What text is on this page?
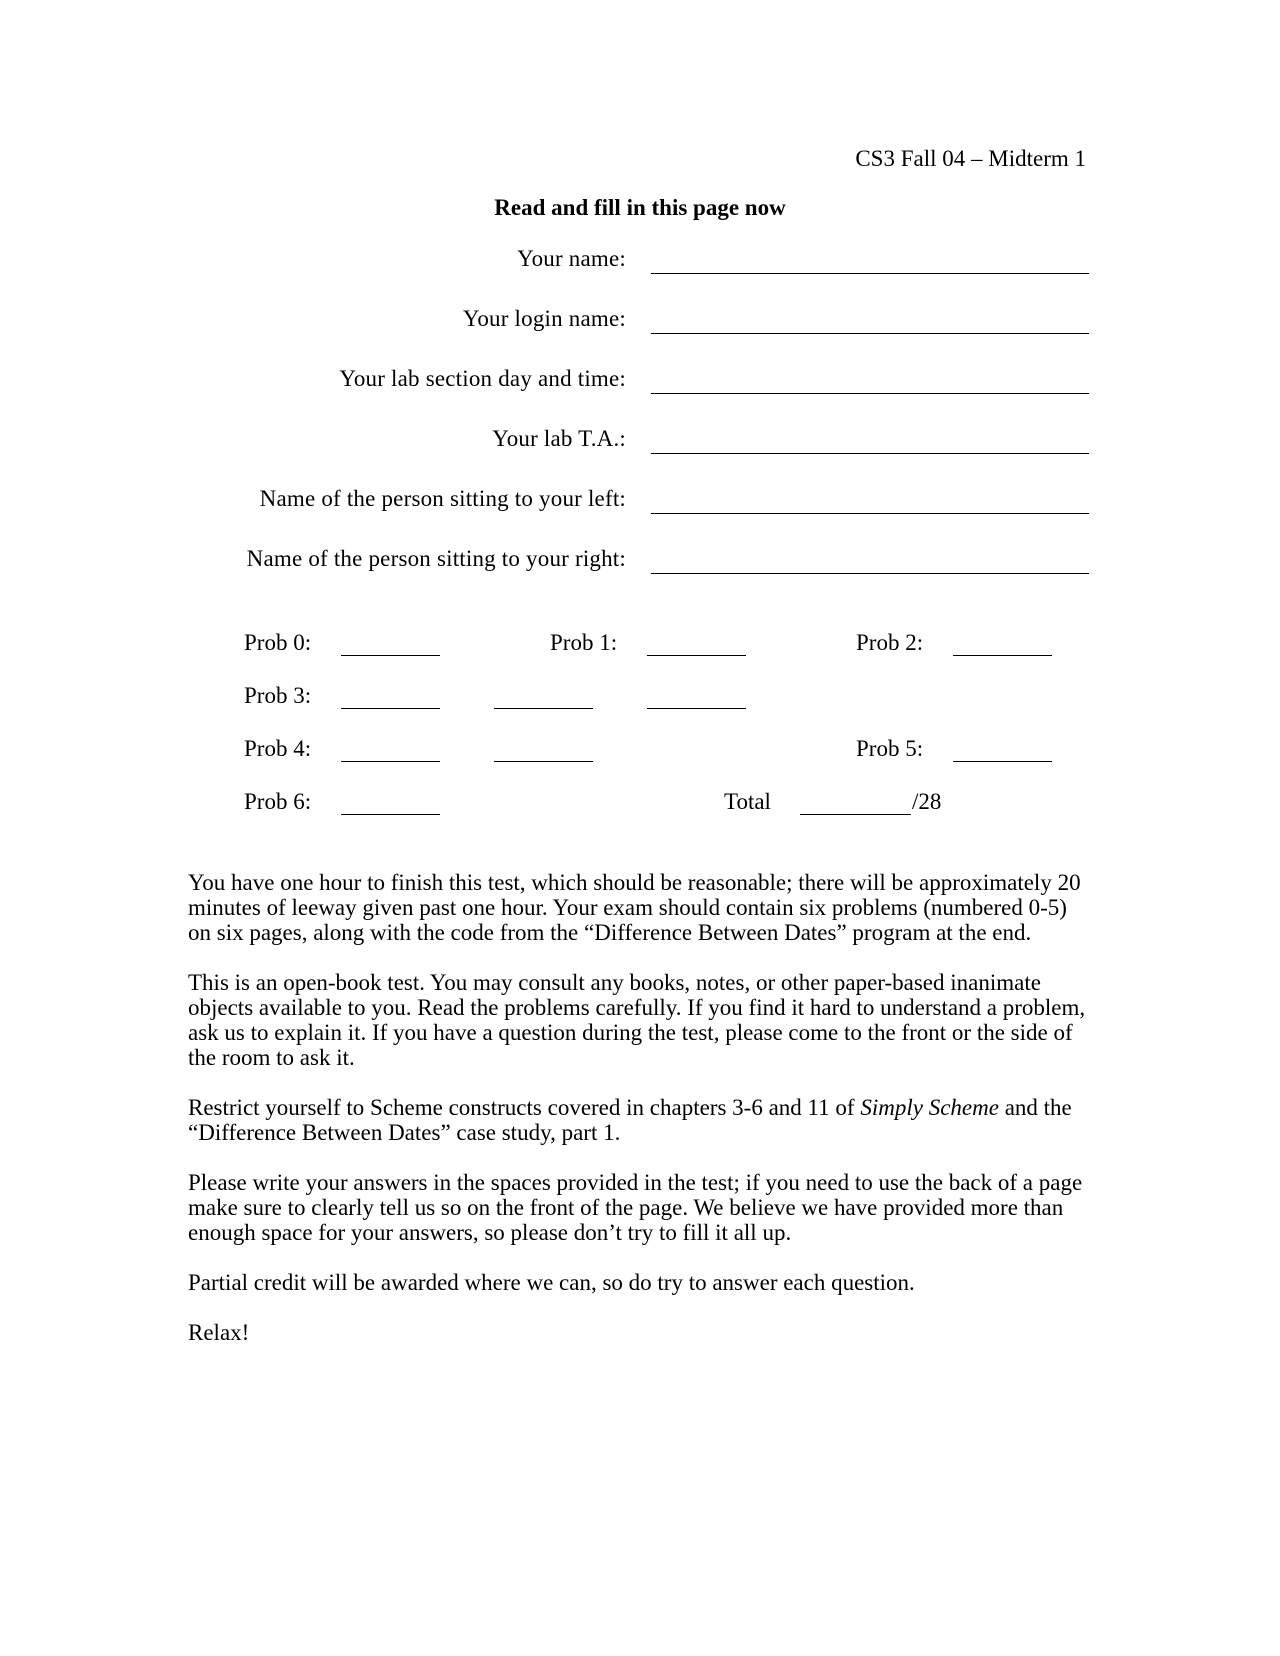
CS3 Fall 04 – Midterm 1
Read and fill in this page now
Your name:
Your login name:
Your lab section day and time:
Your lab T.A.:
Name of the person sitting to your left:
Name of the person sitting to your right:
Prob 0:	Prob 1:	Prob 2:
Prob 3:
Prob 4:	Prob 5:
Prob 6:	Total	/28

You have one hour to finish this test, which should be reasonable; there will be approximately 20 minutes of leeway given past one hour. Your exam should contain six problems (numbered 0-5) on six pages, along with the code from the “Difference Between Dates” program at the end.

This is an open-book test. You may consult any books, notes, or other paper-based inanimate objects available to you. Read the problems carefully. If you find it hard to understand a problem, ask us to explain it. If you have a question during the test, please come to the front or the side of the room to ask it.

Restrict yourself to Scheme constructs covered in chapters 3-6 and 11 of Simply Scheme and the “Difference Between Dates” case study, part 1.

Please write your answers in the spaces provided in the test; if you need to use the back of a page make sure to clearly tell us so on the front of the page. We believe we have provided more than enough space for your answers, so please don’t try to fill it all up.

Partial credit will be awarded where we can, so do try to answer each question.

Relax!
